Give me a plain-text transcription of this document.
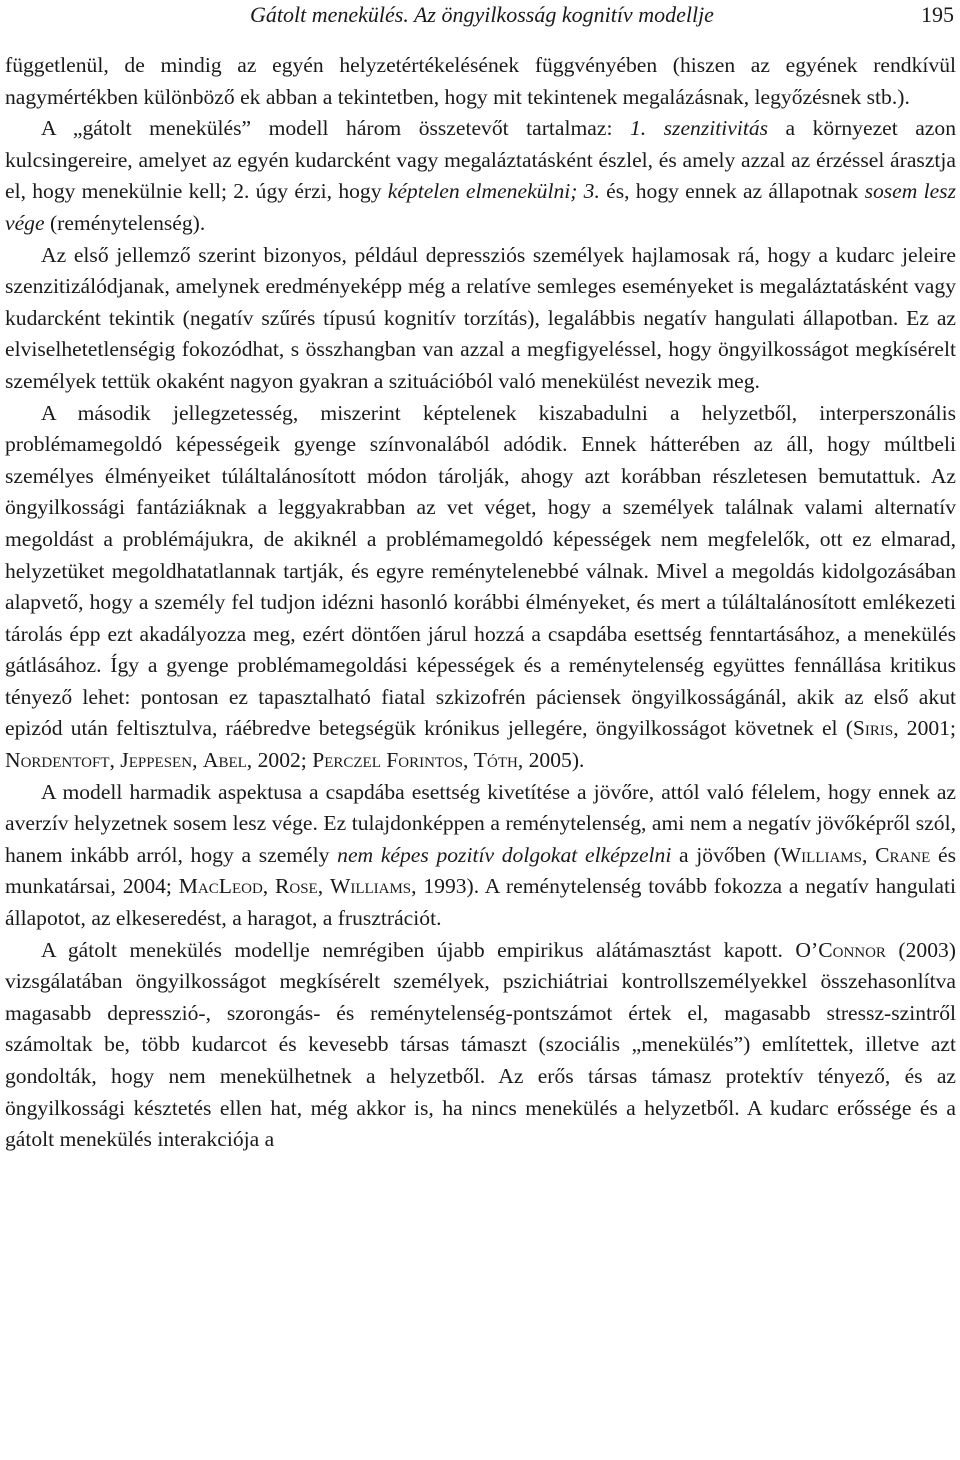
Gátolt menekülés. Az öngyilkosság kognitív modellje	195

függetlenül, de mindig az egyén helyzetértékelésének függvényében (hiszen az egyének rendkívül nagymértékben különböző ek abban a tekintetben, hogy mit tekintenek megalázásnak, legyőzésnek stb.).

A „gátolt menekülés” modell három összetevőt tartalmaz: 1. szenzitivitás a környezet azon kulcsingereire, amelyet az egyén kudarcként vagy megaláztatásként észlel, és amely azzal az érzéssel árasztja el, hogy menekülnie kell; 2. úgy érzi, hogy képtelen elmenekülni; 3. és, hogy ennek az állapotnak sosem lesz vége (reménytelenség).

Az első jellemző szerint bizonyos, például depressziós személyek hajlamosak rá, hogy a kudarc jeleire szenzitizálódjanak, amelynek eredményeképp még a relatíve semleges eseményeket is megaláztatásként vagy kudarcként tekintik (negatív szűrés típusú kognitív torzítás), legalábbis negatív hangulati állapotban. Ez az elviselhetetlenségig fokozódhat, s összhangban van azzal a megfigyeléssel, hogy öngyilkosságot megkísérelt személyek tettük okaként nagyon gyakran a szituációból való menekülést nevezik meg.

A második jellegzetesség, miszerint képtelenek kiszabadulni a helyzetből, interperszonális problémamegoldó képességeik gyenge színvonalából adódik. Ennek hátterében az áll, hogy múltbeli személyes élményeiket túláltalánosított módon tárolják, ahogy azt korábban részletesen bemutattuk. Az öngyilkossági fantáziáknak a leggyakrabban az vet véget, hogy a személyek találnak valami alternatív megoldást a problémájukra, de akiknél a problémamegoldó képességek nem megfelelők, ott ez elmarad, helyzetüket megoldhatatlannak tartják, és egyre reménytelenebbé válnak. Mivel a megoldás kidolgozásában alapvető, hogy a személy fel tudjon idézni hasonló korábbi élményeket, és mert a túláltalánosított emlékezeti tárolás épp ezt akadályozza meg, ezért döntően járul hozzá a csapdába esettség fenntartásához, a menekülés gátlásához. Így a gyenge problémamegoldási képességek és a reménytelenség együttes fennállása kritikus tényező lehet: pontosan ez tapasztalható fiatal szkizofrén páciensek öngyilkosságánál, akik az első akut epizód után feltisztulva, ráébredve betegségük krónikus jellegére, öngyilkosságot követnek el (Siris, 2001; Nordentoft, Jeppesen, Abel, 2002; Perczel Forintos, Tóth, 2005).

A modell harmadik aspektusa a csapdába esettség kivetítése a jövőre, attól való félelem, hogy ennek az averzív helyzetnek sosem lesz vége. Ez tulajdonképpen a reménytelenség, ami nem a negatív jövőképről szól, hanem inkább arról, hogy a személy nem képes pozitív dolgokat elképzelni a jövőben (Williams, Crane és munkatársai, 2004; MacLeod, Rose, Williams, 1993). A reménytelenség tovább fokozza a negatív hangulati állapotot, az elkeseredést, a haragot, a frusztrációt.

A gátolt menekülés modellje nemrégiben újabb empirikus alátámasztást kapott. O’Connor (2003) vizsgálatában öngyilkosságot megkísérelt személyek, pszichiátriai kontrollszemélyekkel összehasonlítva magasabb depresszió-, szorongás- és reménytelenség-pontszámot értek el, magasabb stressz-szintről számoltak be, több kudarcot és kevesebb társas támaszt (szociális „menekülés”) említettek, illetve azt gondolták, hogy nem menekülhetnek a helyzetből. Az erős társas támasz protektív tényező, és az öngyilkossági késztetés ellen hat, még akkor is, ha nincs menekülés a helyzetből. A kudarc erőssége és a gátolt menekülés interakciója a
